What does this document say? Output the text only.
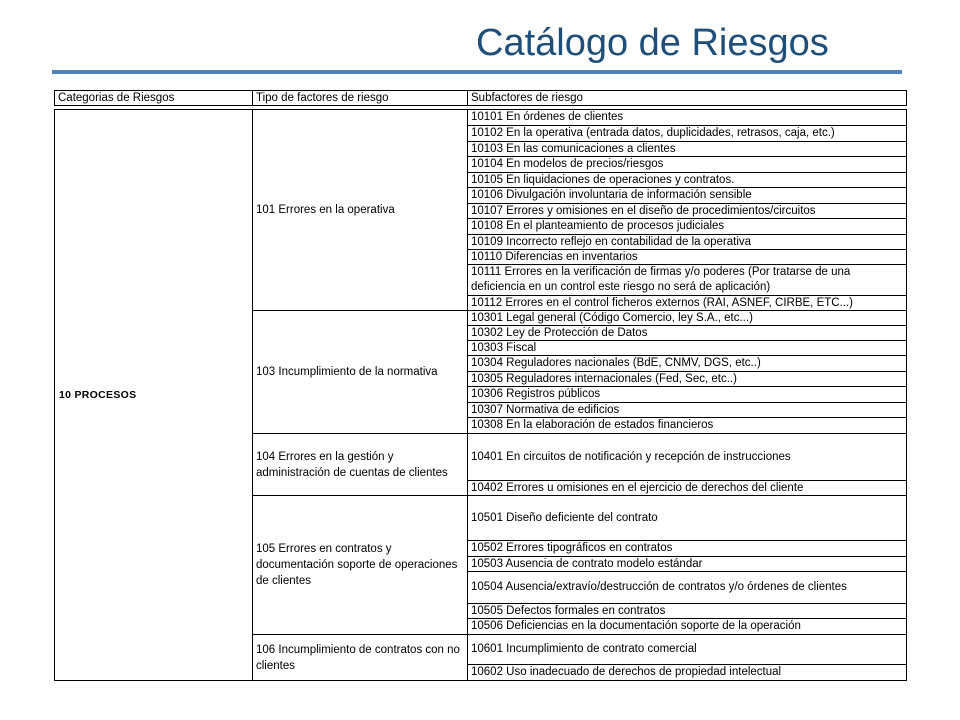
Catálogo de Riesgos
Categorias de Riesgos	Tipo de factores de riesgo	Subfactores de riesgo
10 PROCESOS
101 Errores en la operativa
103 Incumplimiento de la normativa
104 Errores en la gestión y administración de cuentas de clientes
105 Errores en contratos y documentación soporte de operaciones de clientes
106 Incumplimiento de contratos con no clientes
10101 En órdenes de clientes
10102 En la operativa (entrada datos, duplicidades, retrasos, caja, etc.)
10103 En las comunicaciones a clientes
10104 En modelos de precios/riesgos
10105 En liquidaciones de operaciones y contratos.
10106 Divulgación involuntaria de información sensible
10107 Errores y omisiones en el diseño de procedimientos/circuitos
10108 En el planteamiento de procesos judiciales
10109 Incorrecto reflejo en contabilidad de la operativa
10110 Diferencias en inventarios
10111 Errores en la verificación de firmas y/o poderes (Por tratarse de una deficiencia en un control este riesgo no será de aplicación)
10112 Errores en el control ficheros externos (RAI, ASNEF, CIRBE, ETC...)
10301 Legal general (Código Comercio, ley S.A., etc...)
10302 Ley de Protección de Datos
10303 Fiscal
10304 Reguladores nacionales (BdE, CNMV, DGS, etc..)
10305 Reguladores internacionales (Fed, Sec, etc..)
10306 Registros públicos
10307 Normativa de edificios
10308 En la elaboración de estados financieros
10401 En circuitos de notificación y recepción de instrucciones
10402 Errores u omisiones en el ejercicio de derechos del cliente
10501 Diseño deficiente del contrato
10502 Errores tipográficos en contratos
10503 Ausencia de contrato modelo estándar
10504 Ausencia/extravío/destrucción de contratos y/o órdenes de clientes
10505 Defectos formales en contratos
10506 Deficiencias en la documentación soporte de la operación
10601 Incumplimiento de contrato comercial
10602 Uso inadecuado de derechos de propiedad intelectual
